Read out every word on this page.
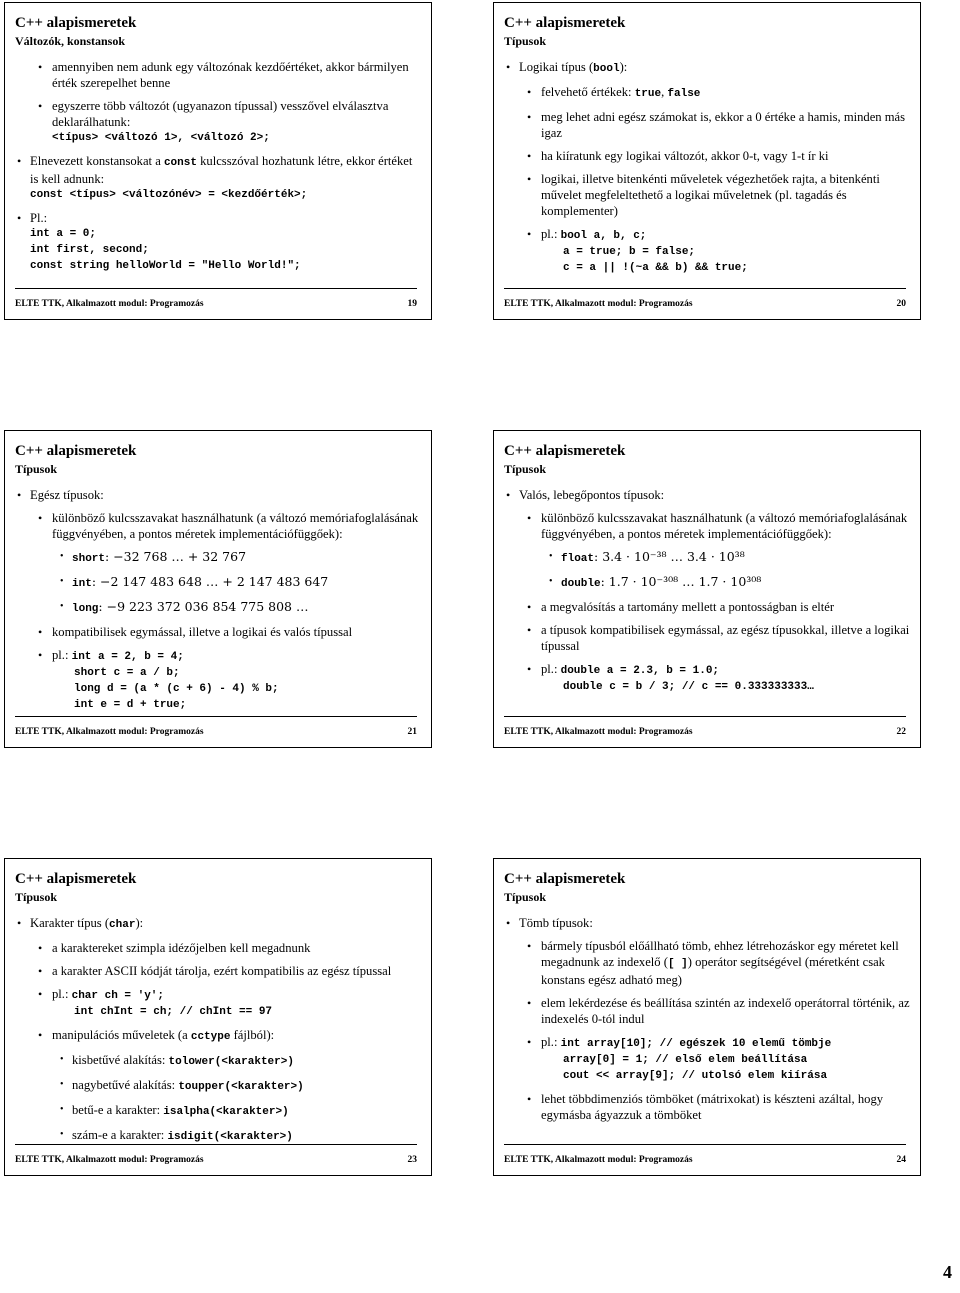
C++ alapismeretek
Változók, konstansok
• amennyiben nem adunk egy változónak kezdőértéket, akkor bármilyen érték szerepelhet benne
• egyszerre több változót (ugyanazon típussal) vesszővel elválasztva deklarálhatunk:
<típus> <változó 1>, <változó 2>;
• Elnevezett konstansokat a const kulcsszóval hozhatunk létre, ekkor értéket is kell adnunk:
const <típus> <változónév> = <kezdőérték>;
• Pl.:
int a = 0;
int first, second;
const string helloWorld = "Hello World!";
ELTE TTK, Alkalmazott modul: Programozás	19
C++ alapismeretek
Típusok
• Logikai típus (bool):
• felvehető értékek: true, false
• meg lehet adni egész számokat is, ekkor a 0 értéke a hamis, minden más igaz
• ha kiíratunk egy logikai változót, akkor 0-t, vagy 1-t ír ki
• logikai, illetve bitenkénti műveletek végezhetőek rajta, a bitenkénti művelet megfeleltethető a logikai műveletnek (pl. tagadás és komplementer)
• pl.: bool a, b, c;
a = true; b = false;
c = a || !(~a && b) && true;
ELTE TTK, Alkalmazott modul: Programozás	20
C++ alapismeretek
Típusok
• Egész típusok:
• különböző kulcsszavakat használhatunk (a változó memóriafoglalásának függvényében, a pontos méretek implementációfüggőek):
• short: −32 768 … + 32 767
• int: −2 147 483 648 … + 2 147 483 647
• long: −9 223 372 036 854 775 808 …
• kompatibilisek egymással, illetve a logikai és valós típussal
• pl.: int a = 2, b = 4;
short c = a / b;
long d = (a * (c + 6) - 4) % b;
int e = d + true;
ELTE TTK, Alkalmazott modul: Programozás	21
C++ alapismeretek
Típusok
• Valós, lebegőpontos típusok:
• különböző kulcsszavakat használhatunk (a változó memóriafoglalásának függvényében, a pontos méretek implementációfüggőek):
• float: 3.4 · 10⁻³⁸ … 3.4 · 10³⁸
• double: 1.7 · 10⁻³⁰⁸ … 1.7 · 10³⁰⁸
• a megvalósítás a tartomány mellett a pontosságban is eltér
• a típusok kompatibilisek egymással, az egész típusokkal, illetve a logikai típussal
• pl.: double a = 2.3, b = 1.0;
double c = b / 3; // c == 0.333333333…
ELTE TTK, Alkalmazott modul: Programozás	22
C++ alapismeretek
Típusok
• Karakter típus (char):
• a karaktereket szimpla idézőjelben kell megadnunk
• a karakter ASCII kódját tárolja, ezért kompatibilis az egész típussal
• pl.: char ch = 'y';
int chInt = ch; // chInt == 97
• manipulációs műveletek (a cctype fájlból):
• kisbetűvé alakítás: tolower(<karakter>)
• nagybetűvé alakítás: toupper(<karakter>)
• betű-e a karakter: isalpha(<karakter>)
• szám-e a karakter: isdigit(<karakter>)
ELTE TTK, Alkalmazott modul: Programozás	23
C++ alapismeretek
Típusok
• Tömb típusok:
• bármely típusból előállható tömb, ehhez létrehozáskor egy méretet kell megadnunk az indexelő ([ ]) operátor segítségével (méretként csak konstans egész adható meg)
• elem lekérdezése és beállítása szintén az indexelő operátorral történik, az indexelés 0-tól indul
• pl.: int array[10]; // egészek 10 elemű tömbje
array[0] = 1; // első elem beállítása
cout << array[9]; // utolsó elem kiírása
• lehet többdimenziós tömböket (mátrixokat) is készteni azáltal, hogy egymásba ágyazzuk a tömböket
ELTE TTK, Alkalmazott modul: Programozás	24
4
